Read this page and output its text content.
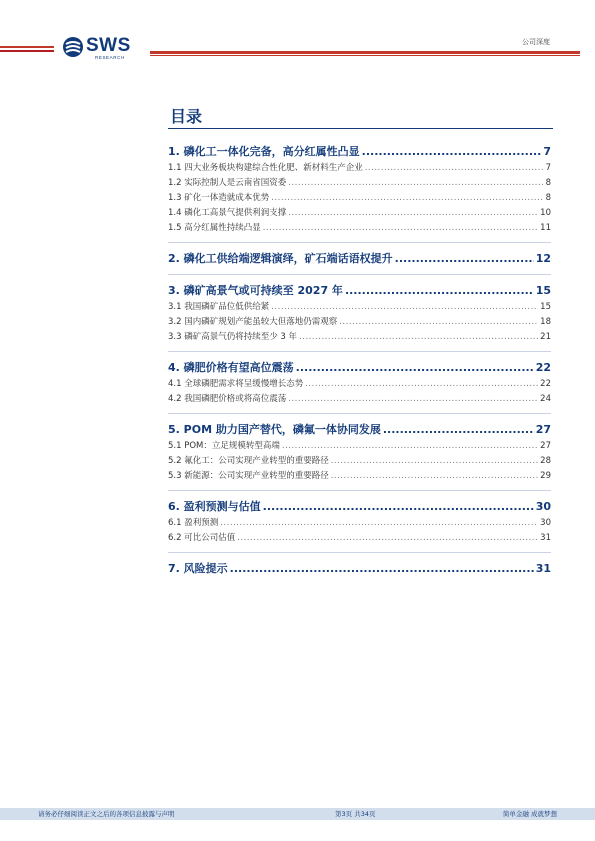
SWS
RESEARCH
公司深度
目录
1. 磷化工一体化完备，高分红属性凸显 .....	7
1.1 四大业务板块构建综合性化肥、新材料生产企业 .....	7
1.2 实际控制人是云南省国资委 .....	8
1.3 矿化一体造就成本优势 .....	8
1.4 磷化工高景气提供利润支撑 .....	10
1.5 高分红属性持续凸显 .....	11
2. 磷化工供给端逻辑演绎，矿石端话语权提升 .....	12
3. 磷矿高景气或可持续至 2027 年 .....	15
3.1 我国磷矿品位低供给紧 .....	15
3.2 国内磷矿规划产能虽较大但落地仍需观察 .....	18
3.3 磷矿高景气仍将持续至少 3 年 .....	21
4. 磷肥价格有望高位震荡 .....	22
4.1 全球磷肥需求将呈缓慢增长态势 .....	22
4.2 我国磷肥价格或将高位震荡 .....	24
5. POM 助力国产替代，磷氟一体协同发展 .....	27
5.1 POM：立足规模转型高端 .....	27
5.2 氟化工：公司实现产业转型的重要路径 .....	28
5.3 新能源：公司实现产业转型的重要路径 .....	29
6. 盈利预测与估值 .....	30
6.1 盈利预测 .....	30
6.2 可比公司估值 .....	31
7. 风险提示 .....	31
请务必仔细阅读正文之后的各项信息披露与声明	第3页 共34页	简单金融 成就梦想
